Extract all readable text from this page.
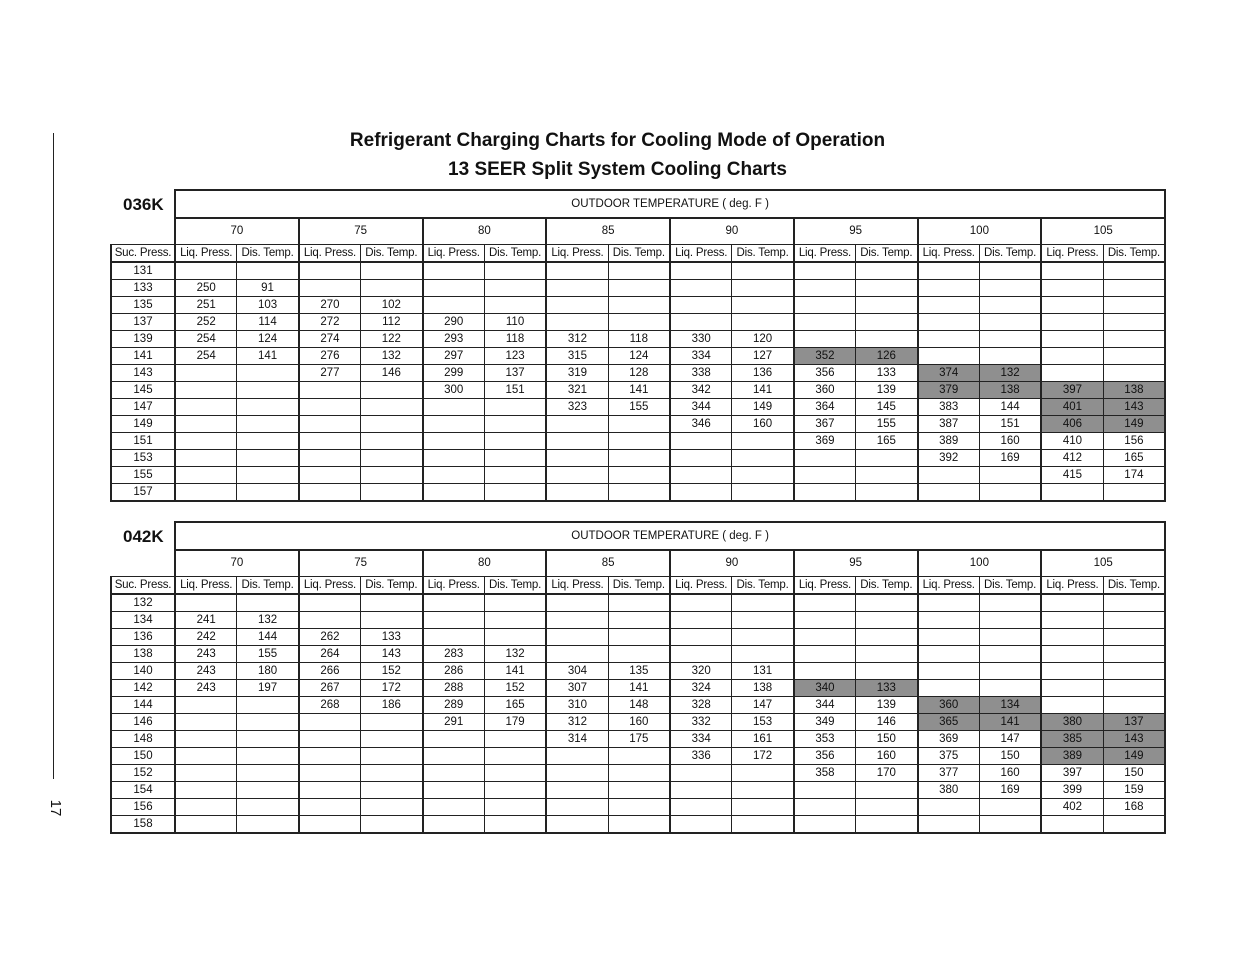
17
Refrigerant Charging Charts for Cooling Mode of Operation
13 SEER Split System Cooling Charts
036K	OUTDOOR TEMPERATURE ( deg. F )															
	70		75		80		85		90		95		100		105	
Suc. Press.	Liq. Press.	Dis. Temp.	Liq. Press.	Dis. Temp.	Liq. Press.	Dis. Temp.	Liq. Press.	Dis. Temp.	Liq. Press.	Dis. Temp.	Liq. Press.	Dis. Temp.	Liq. Press.	Dis. Temp.	Liq. Press.	Dis. Temp.
131																
133	250	91														
135	251	103	270	102												
137	252	114	272	112	290	110										
139	254	124	274	122	293	118	312	118	330	120						
141	254	141	276	132	297	123	315	124	334	127	352	126				
143			277	146	299	137	319	128	338	136	356	133	374	132		
145					300	151	321	141	342	141	360	139	379	138	397	138
147							323	155	344	149	364	145	383	144	401	143
149									346	160	367	155	387	151	406	149
151											369	165	389	160	410	156
153													392	169	412	165
155															415	174
157																
042K	OUTDOOR TEMPERATURE ( deg. F )															
	70		75		80		85		90		95		100		105	
Suc. Press.	Liq. Press.	Dis. Temp.	Liq. Press.	Dis. Temp.	Liq. Press.	Dis. Temp.	Liq. Press.	Dis. Temp.	Liq. Press.	Dis. Temp.	Liq. Press.	Dis. Temp.	Liq. Press.	Dis. Temp.	Liq. Press.	Dis. Temp.
132																
134	241	132														
136	242	144	262	133												
138	243	155	264	143	283	132										
140	243	180	266	152	286	141	304	135	320	131						
142	243	197	267	172	288	152	307	141	324	138	340	133				
144			268	186	289	165	310	148	328	147	344	139	360	134		
146					291	179	312	160	332	153	349	146	365	141	380	137
148							314	175	334	161	353	150	369	147	385	143
150									336	172	356	160	375	150	389	149
152											358	170	377	160	397	150
154													380	169	399	159
156															402	168
158																
